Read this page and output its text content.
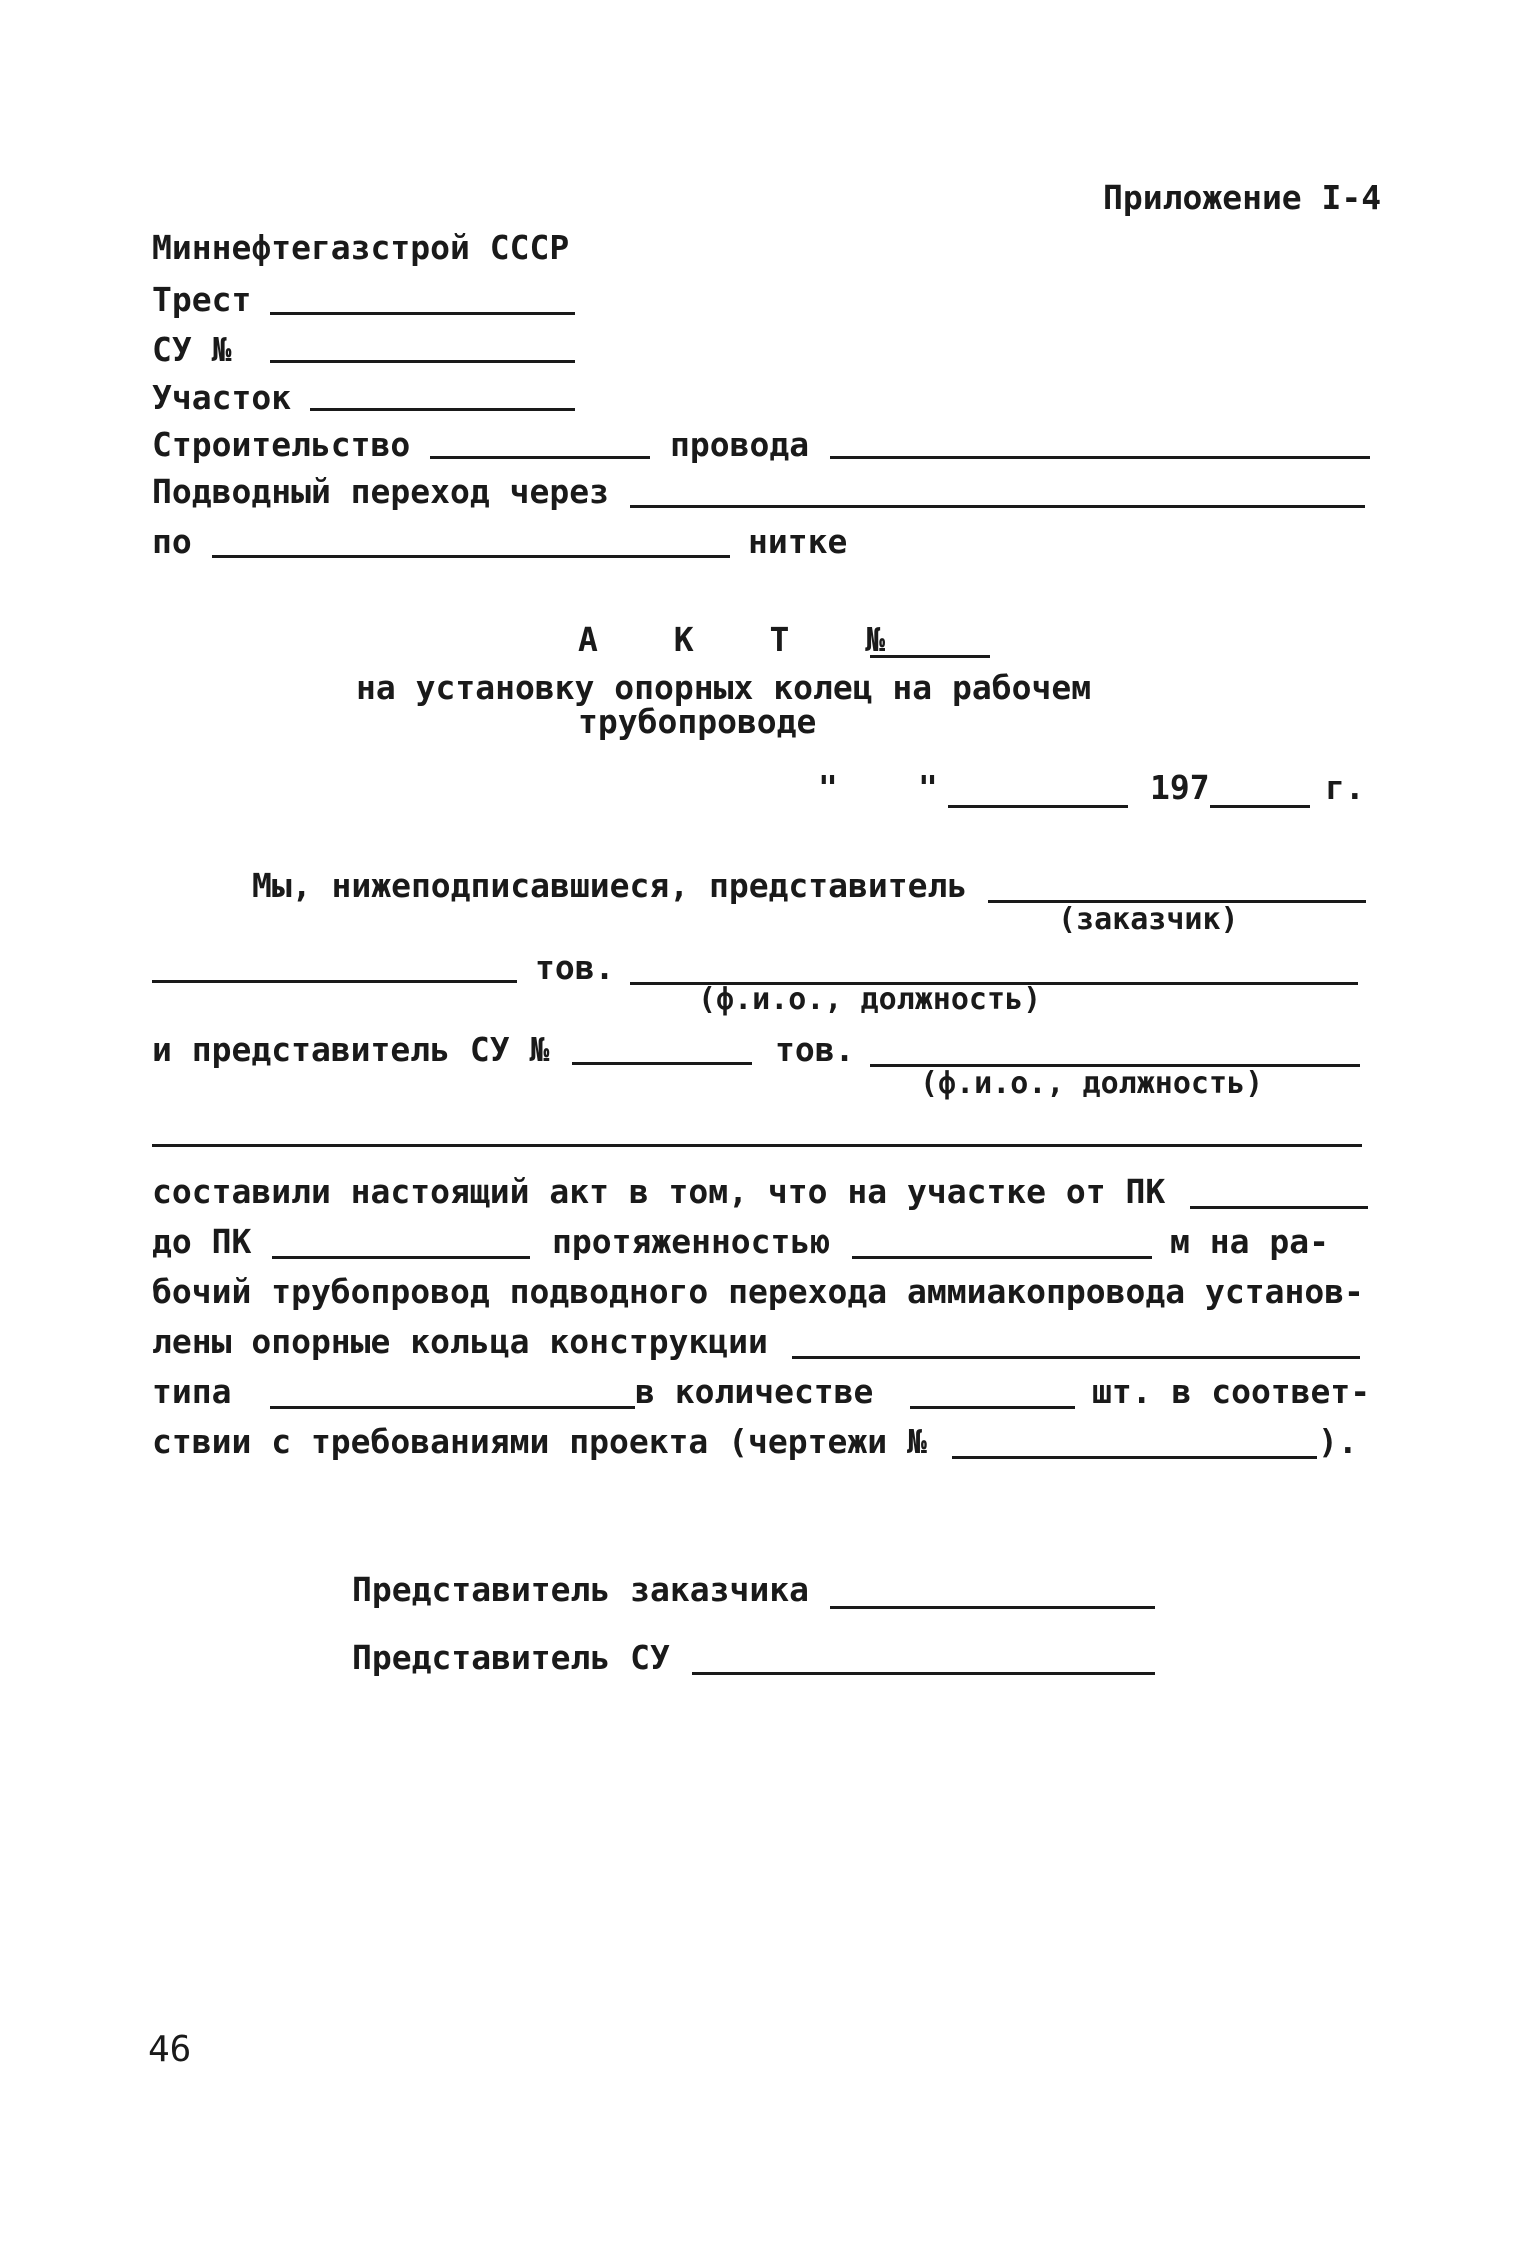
Приложение I-4
Миннефтегазстрой СССР
Трест
СУ №
Участок
Строительство	провода
Подводный переход через
по	нитке
А К Т №
на установку опорных колец на рабочем
трубопроводе
" "	197	г.
Мы, нижеподписавшиеся, представитель
(заказчик)
тов.
(ф.и.о., должность)
и представитель СУ №	тов.
(ф.и.о., должность)
составили настоящий акт в том, что на участке от ПК
до ПК	протяженностью	м на ра-
бочий трубопровод подводного перехода аммиакопровода установ-
лены опорные кольца конструкции
типа	в количестве	шт. в соответ-
ствии с требованиями проекта (чертежи №	).
Представитель заказчика
Представитель СУ
46
